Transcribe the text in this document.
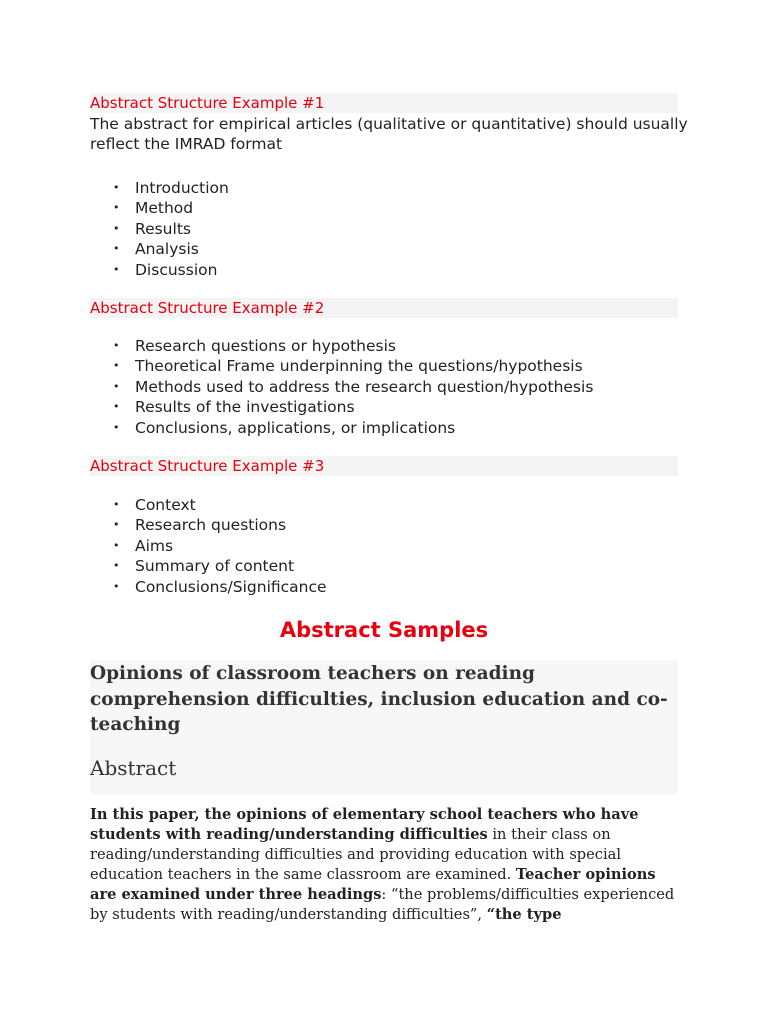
Abstract Structure Example #1
The abstract for empirical articles (qualitative or quantitative) should usually reflect the IMRAD format
• Introduction
• Method
• Results
• Analysis
• Discussion
Abstract Structure Example #2
• Research questions or hypothesis
• Theoretical Frame underpinning the questions/hypothesis
• Methods used to address the research question/hypothesis
• Results of the investigations
• Conclusions, applications, or implications
Abstract Structure Example #3
• Context
• Research questions
• Aims
• Summary of content
• Conclusions/Significance
Abstract Samples
Opinions of classroom teachers on reading comprehension difficulties, inclusion education and co-teaching
Abstract
In this paper, the opinions of elementary school teachers who have students with reading/understanding difficulties in their class on reading/understanding difficulties and providing education with special education teachers in the same classroom are examined. Teacher opinions are examined under three headings: “the problems/difficulties experienced by students with reading/understanding difficulties”, “the type
